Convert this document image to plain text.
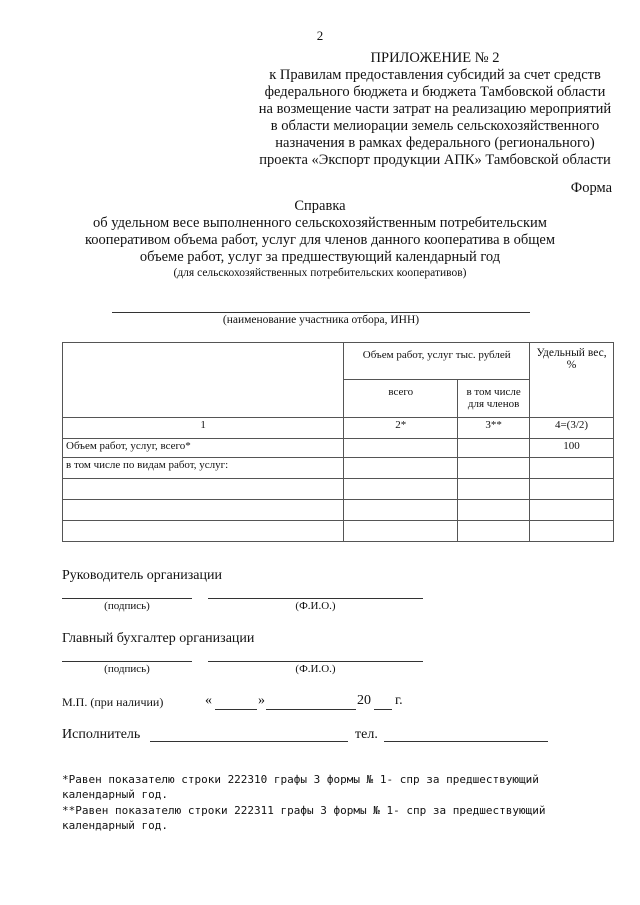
2
ПРИЛОЖЕНИЕ № 2
к Правилам предоставления субсидий за счет средств
федерального бюджета и бюджета Тамбовской области
на возмещение части затрат на реализацию мероприятий
в области мелиорации земель сельскохозяйственного
назначения в рамках федерального (регионального)
проекта «Экспорт продукции АПК» Тамбовской области
Форма
Справка
об удельном весе выполненного сельскохозяйственным потребительским
кооперативом объема работ, услуг для членов данного кооператива в общем
объеме работ, услуг за предшествующий календарный год
(для сельскохозяйственных потребительских кооперативов)
(наименование участника отбора, ИНН)
	Объем работ, услуг тыс. рублей		Удельный вес, %
	всего	в том числе для членов	
1	2*	3**	4=(3/2)
Объем работ, услуг, всего*			100
в том числе по видам работ, услуг:			

Руководитель организации
(подпись)	(Ф.И.О.)
Главный бухгалтер организации
(подпись)	(Ф.И.О.)
М.П. (при наличии)	«	»	20 г.
Исполнитель	тел.
*Равен показателю строки 222310 графы 3 формы № 1- спр за предшествующий календарный год.
**Равен показателю строки 222311 графы 3 формы № 1- спр за предшествующий календарный год.
